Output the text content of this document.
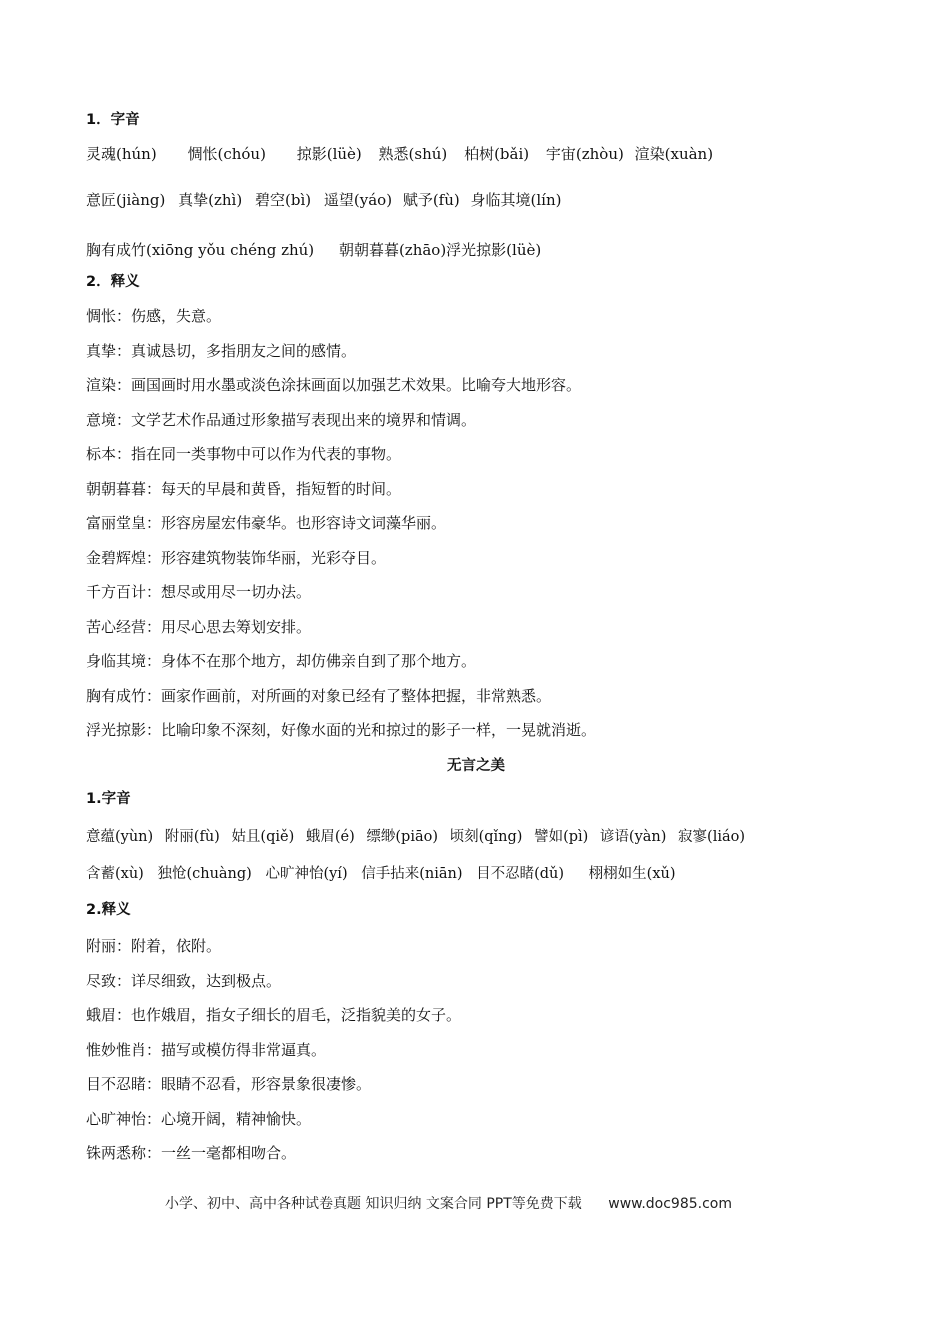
1．字音
灵魂(hún) 惆怅(chóu) 掠影(lüè) 熟悉(shú) 柏树(bǎi) 宇宙(zhòu) 渲染(xuàn)
意匠(jiàng) 真挚(zhì) 碧空(bì) 遥望(yáo) 赋予(fù) 身临其境(lín)
胸有成竹(xiōng yǒu chéng zhú) 朝朝暮暮(zhāo)浮光掠影(lüè)
2．释义
惆怅：伤感，失意。
真挚：真诚恳切，多指朋友之间的感情。
渲染：画国画时用水墨或淡色涂抹画面以加强艺术效果。比喻夸大地形容。
意境：文学艺术作品通过形象描写表现出来的境界和情调。
标本：指在同一类事物中可以作为代表的事物。
朝朝暮暮：每天的早晨和黄昏，指短暂的时间。
富丽堂皇：形容房屋宏伟豪华。也形容诗文词藻华丽。
金碧辉煌：形容建筑物装饰华丽，光彩夺目。
千方百计：想尽或用尽一切办法。
苦心经营：用尽心思去筹划安排。
身临其境：身体不在那个地方，却仿佛亲自到了那个地方。
胸有成竹：画家作画前，对所画的对象已经有了整体把握，非常熟悉。
浮光掠影：比喻印象不深刻，好像水面的光和掠过的影子一样，一晃就消逝。
无言之美
1.字音
意蕴(yùn) 附丽(fù) 姑且(qiě) 蛾眉(é) 缥缈(piāo) 顷刻(qǐng) 譬如(pì) 谚语(yàn) 寂寥(liáo)
含蓄(xù) 独怆(chuàng) 心旷神怡(yí) 信手拈来(niān) 目不忍睹(dǔ) 栩栩如生(xǔ)
2.释义
附丽：附着，依附。
尽致：详尽细致，达到极点。
蛾眉：也作娥眉，指女子细长的眉毛，泛指貌美的女子。
惟妙惟肖：描写或模仿得非常逼真。
目不忍睹：眼睛不忍看，形容景象很凄惨。
心旷神怡：心境开阔，精神愉快。
铢两悉称：一丝一毫都相吻合。
小学、初中、高中各种试卷真题 知识归纳 文案合同 PPT等免费下载 www.doc985.com
